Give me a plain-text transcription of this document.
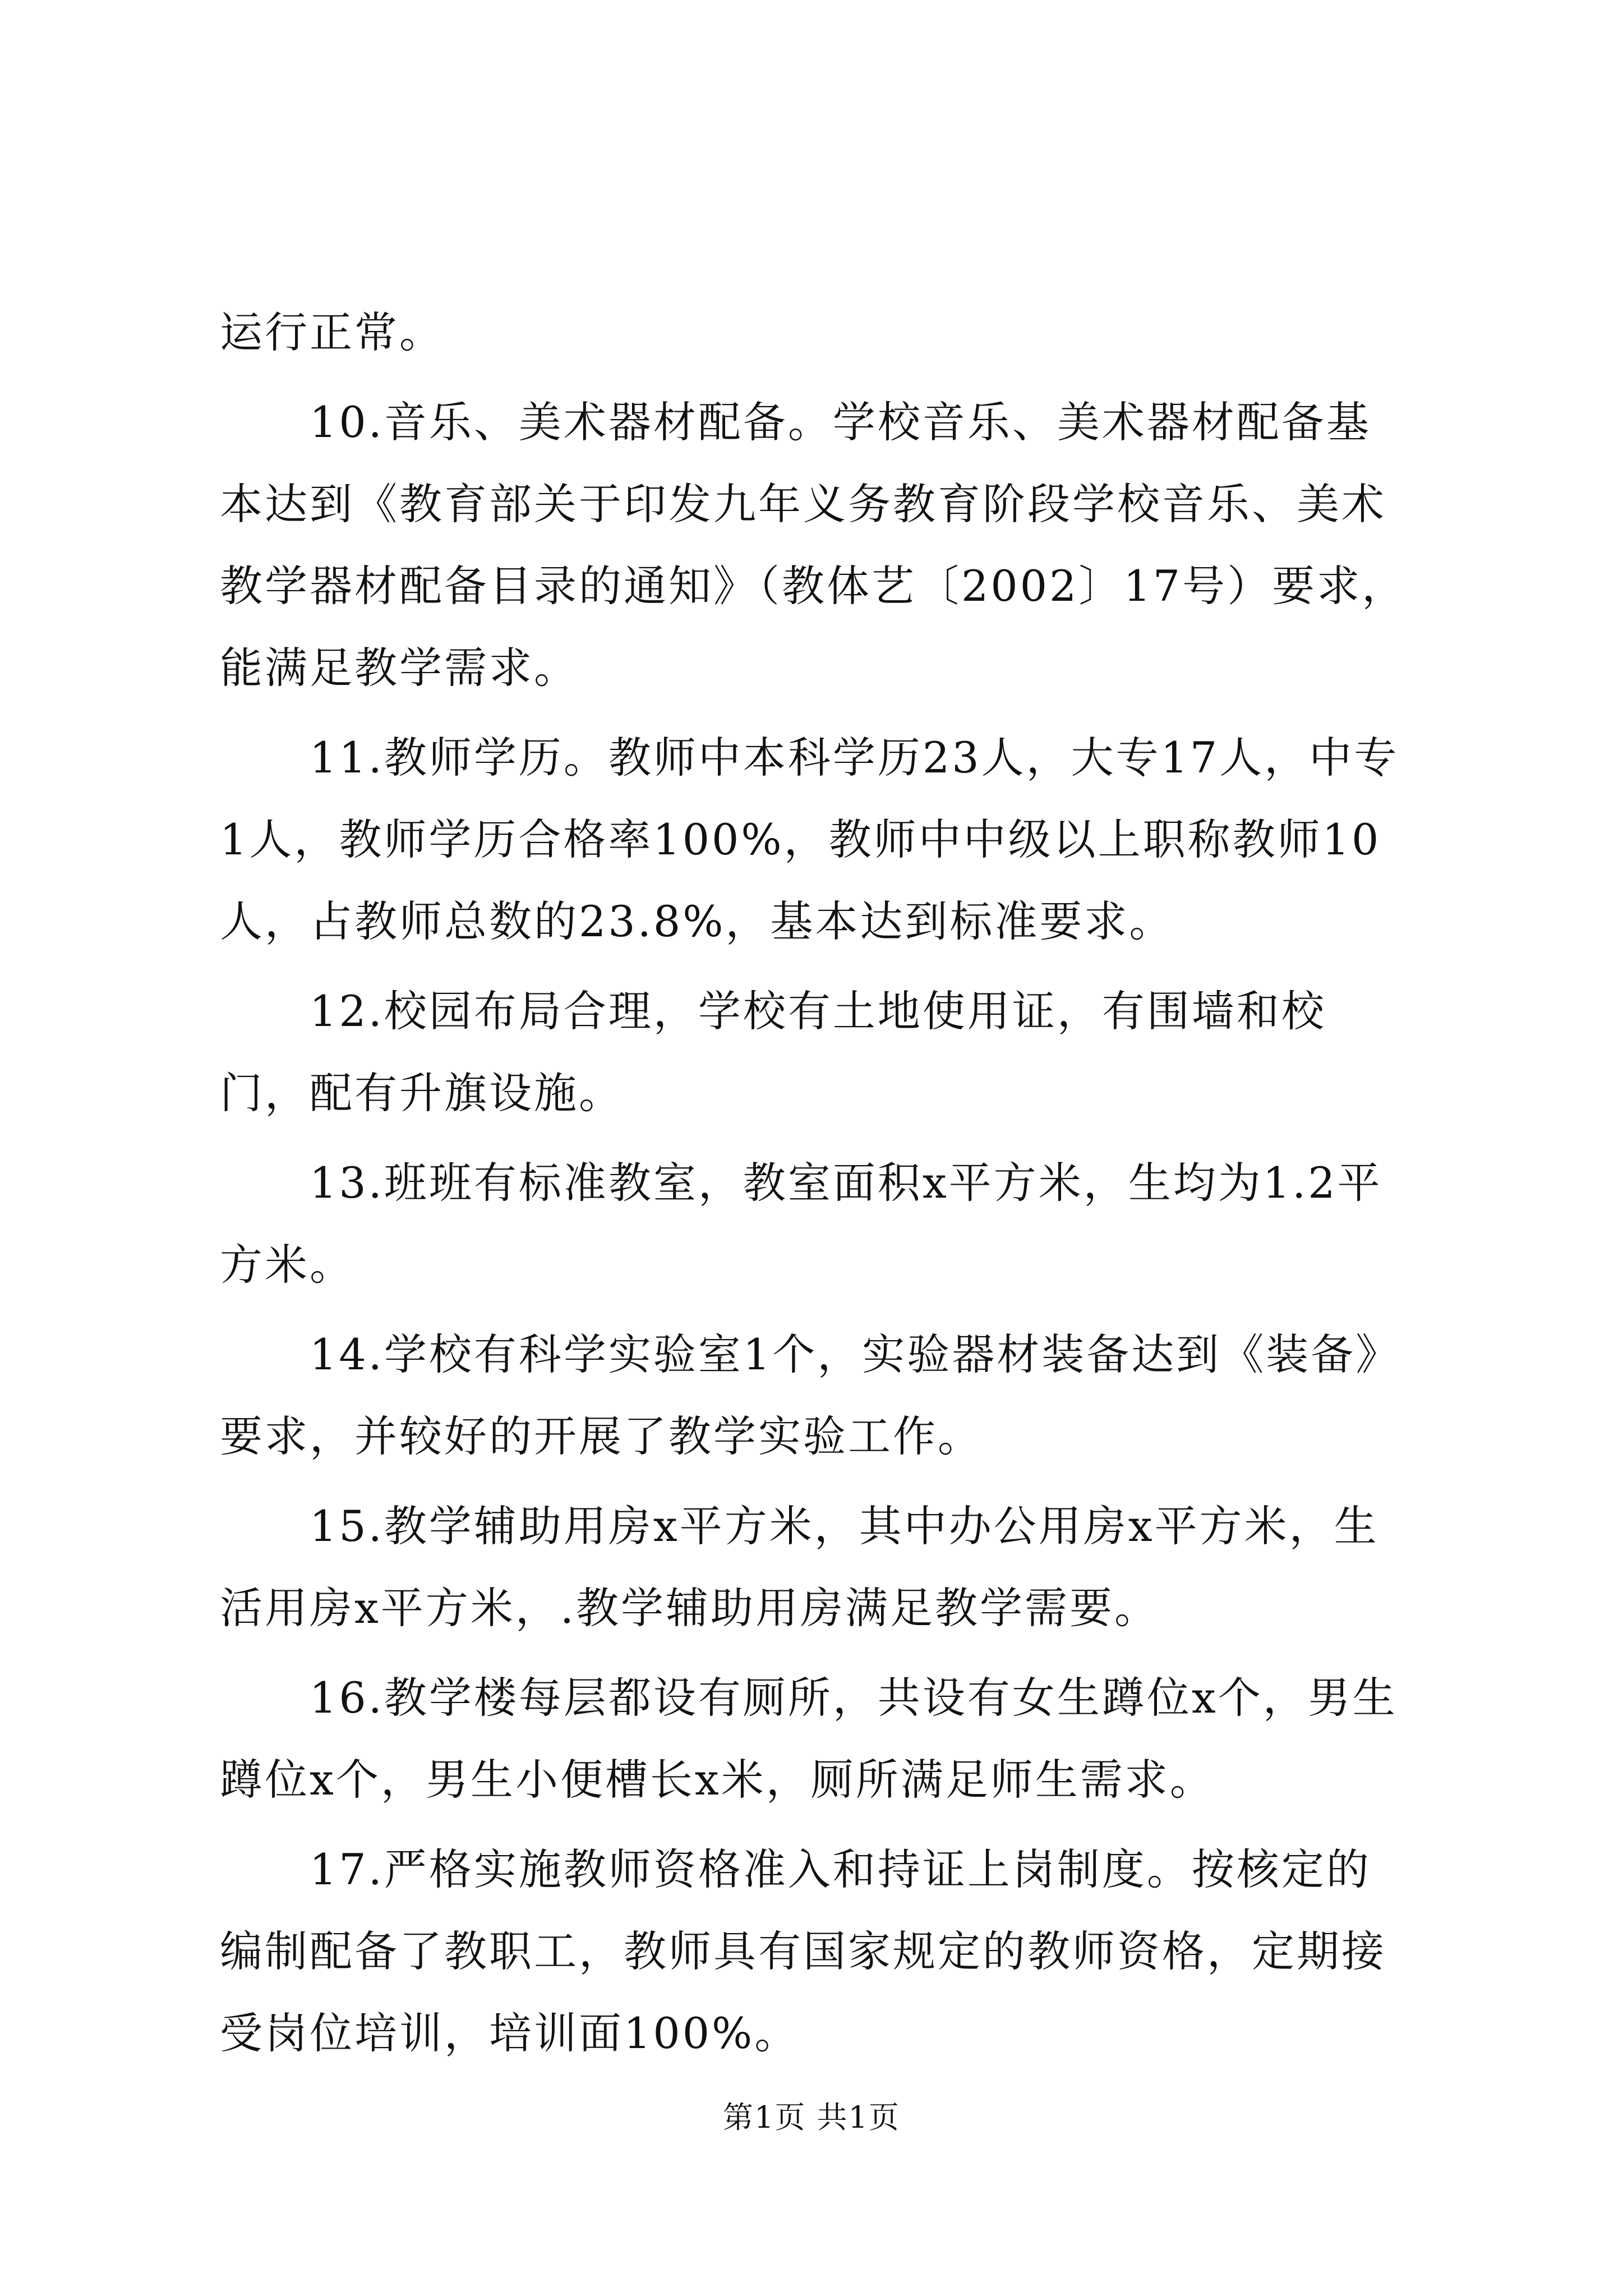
运行正常。

10.音乐、美术器材配备。学校音乐、美术器材配备基本达到《教育部关于印发九年义务教育阶段学校音乐、美术教学器材配备目录的通知》（教体艺〔2002〕17号）要求，能满足教学需求。

11.教师学历。教师中本科学历23人，大专17人，中专1人，教师学历合格率100%，教师中中级以上职称教师10人，占教师总数的23.8%，基本达到标准要求。

12.校园布局合理，学校有土地使用证，有围墙和校门，配有升旗设施。

13.班班有标准教室，教室面积x平方米，生均为1.2平方米。

14.学校有科学实验室1个，实验器材装备达到《装备》要求，并较好的开展了教学实验工作。

15.教学辅助用房x平方米，其中办公用房x平方米，生活用房x平方米，.教学辅助用房满足教学需要。

16.教学楼每层都设有厕所，共设有女生蹲位x个，男生蹲位x个，男生小便槽长x米，厕所满足师生需求。

17.严格实施教师资格准入和持证上岗制度。按核定的编制配备了教职工，教师具有国家规定的教师资格，定期接受岗位培训，培训面100%。

第1页 共1页
